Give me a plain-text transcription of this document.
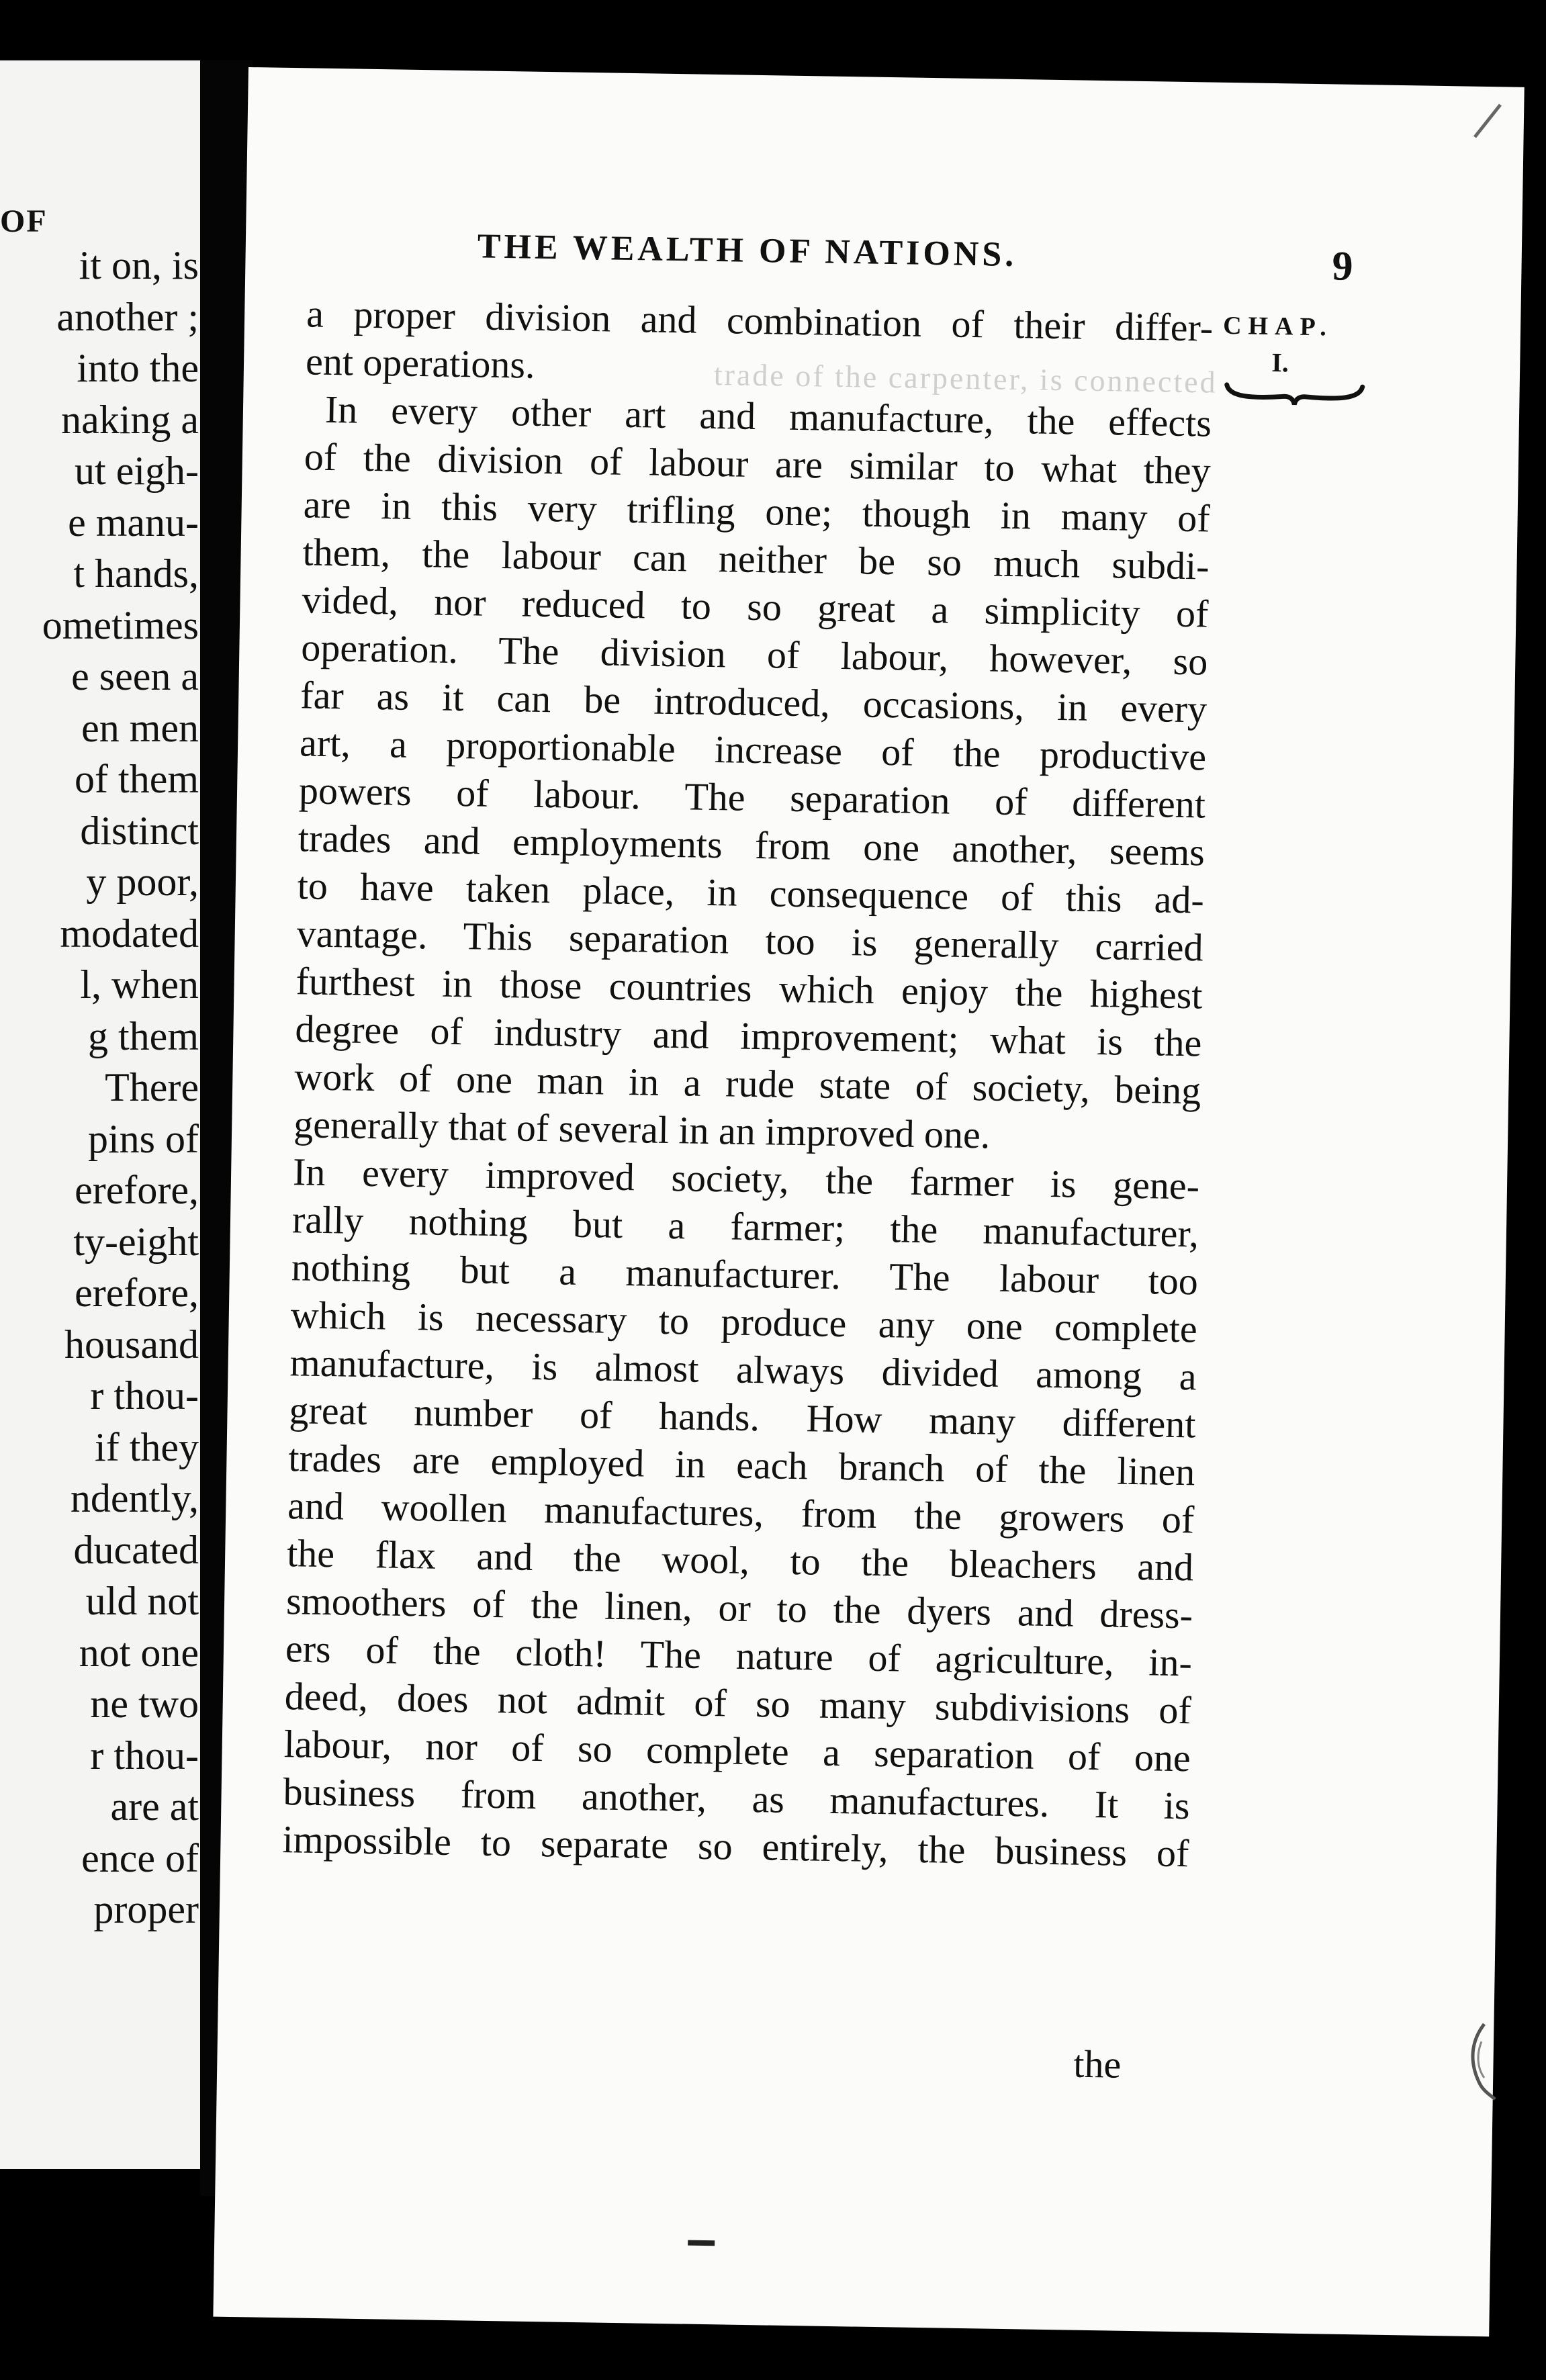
OF
it on, is
another ;
into the
naking a
ut eigh-
e manu-
t hands,
ometimes
e seen a
en men
of them
distinct
y poor,
modated
l, when
g them
There
pins of
erefore,
ty-eight
erefore,
housand
r thou-
if they
ndently,
ducated
uld not
not one
ne two
r thou-
are at
ence of
proper
THE WEALTH OF NATIONS.	9
CHAP.
I.
trade of the carpenter, is connected
a proper division and combination of their differ-
ent operations.
In every other art and manufacture, the effects
of the division of labour are similar to what they
are in this very trifling one; though in many of
them, the labour can neither be so much subdi-
vided, nor reduced to so great a simplicity of
operation. The division of labour, however, so
far as it can be introduced, occasions, in every
art, a proportionable increase of the productive
powers of labour. The separation of different
trades and employments from one another, seems
to have taken place, in consequence of this ad-
vantage. This separation too is generally carried
furthest in those countries which enjoy the highest
degree of industry and improvement; what is the
work of one man in a rude state of society, being
generally that of several in an improved one.
In every improved society, the farmer is gene-
rally nothing but a farmer; the manufacturer,
nothing but a manufacturer. The labour too
which is necessary to produce any one complete
manufacture, is almost always divided among a
great number of hands. How many different
trades are employed in each branch of the linen
and woollen manufactures, from the growers of
the flax and the wool, to the bleachers and
smoothers of the linen, or to the dyers and dress-
ers of the cloth! The nature of agriculture, in-
deed, does not admit of so many subdivisions of
labour, nor of so complete a separation of one
business from another, as manufactures. It is
impossible to separate so entirely, the business of
the
